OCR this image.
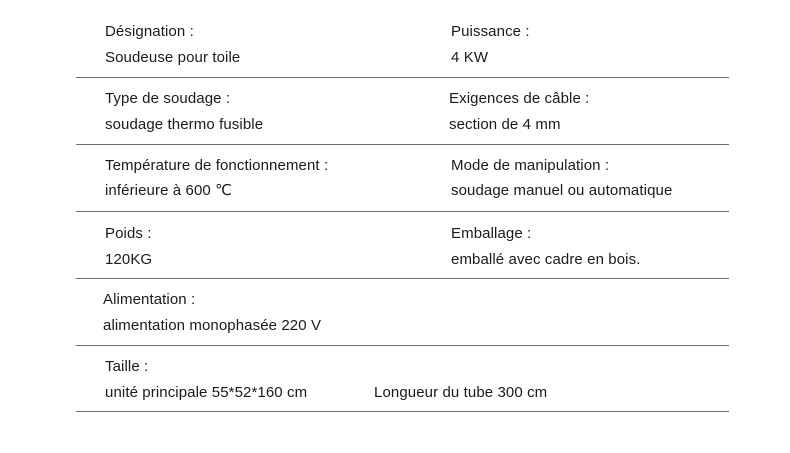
Désignation :
Soudeuse pour toile
Puissance :
4 KW
Type de soudage :
soudage thermo fusible
Exigences de câble :
section de 4 mm
Température de fonctionnement :
inférieure à 600 ℃
Mode de manipulation :
soudage manuel ou automatique
Poids :
120KG
Emballage :
emballé avec cadre en bois.
Alimentation :
alimentation monophasée 220 V
Taille :
unité principale 55*52*160 cm	Longueur du tube 300 cm
